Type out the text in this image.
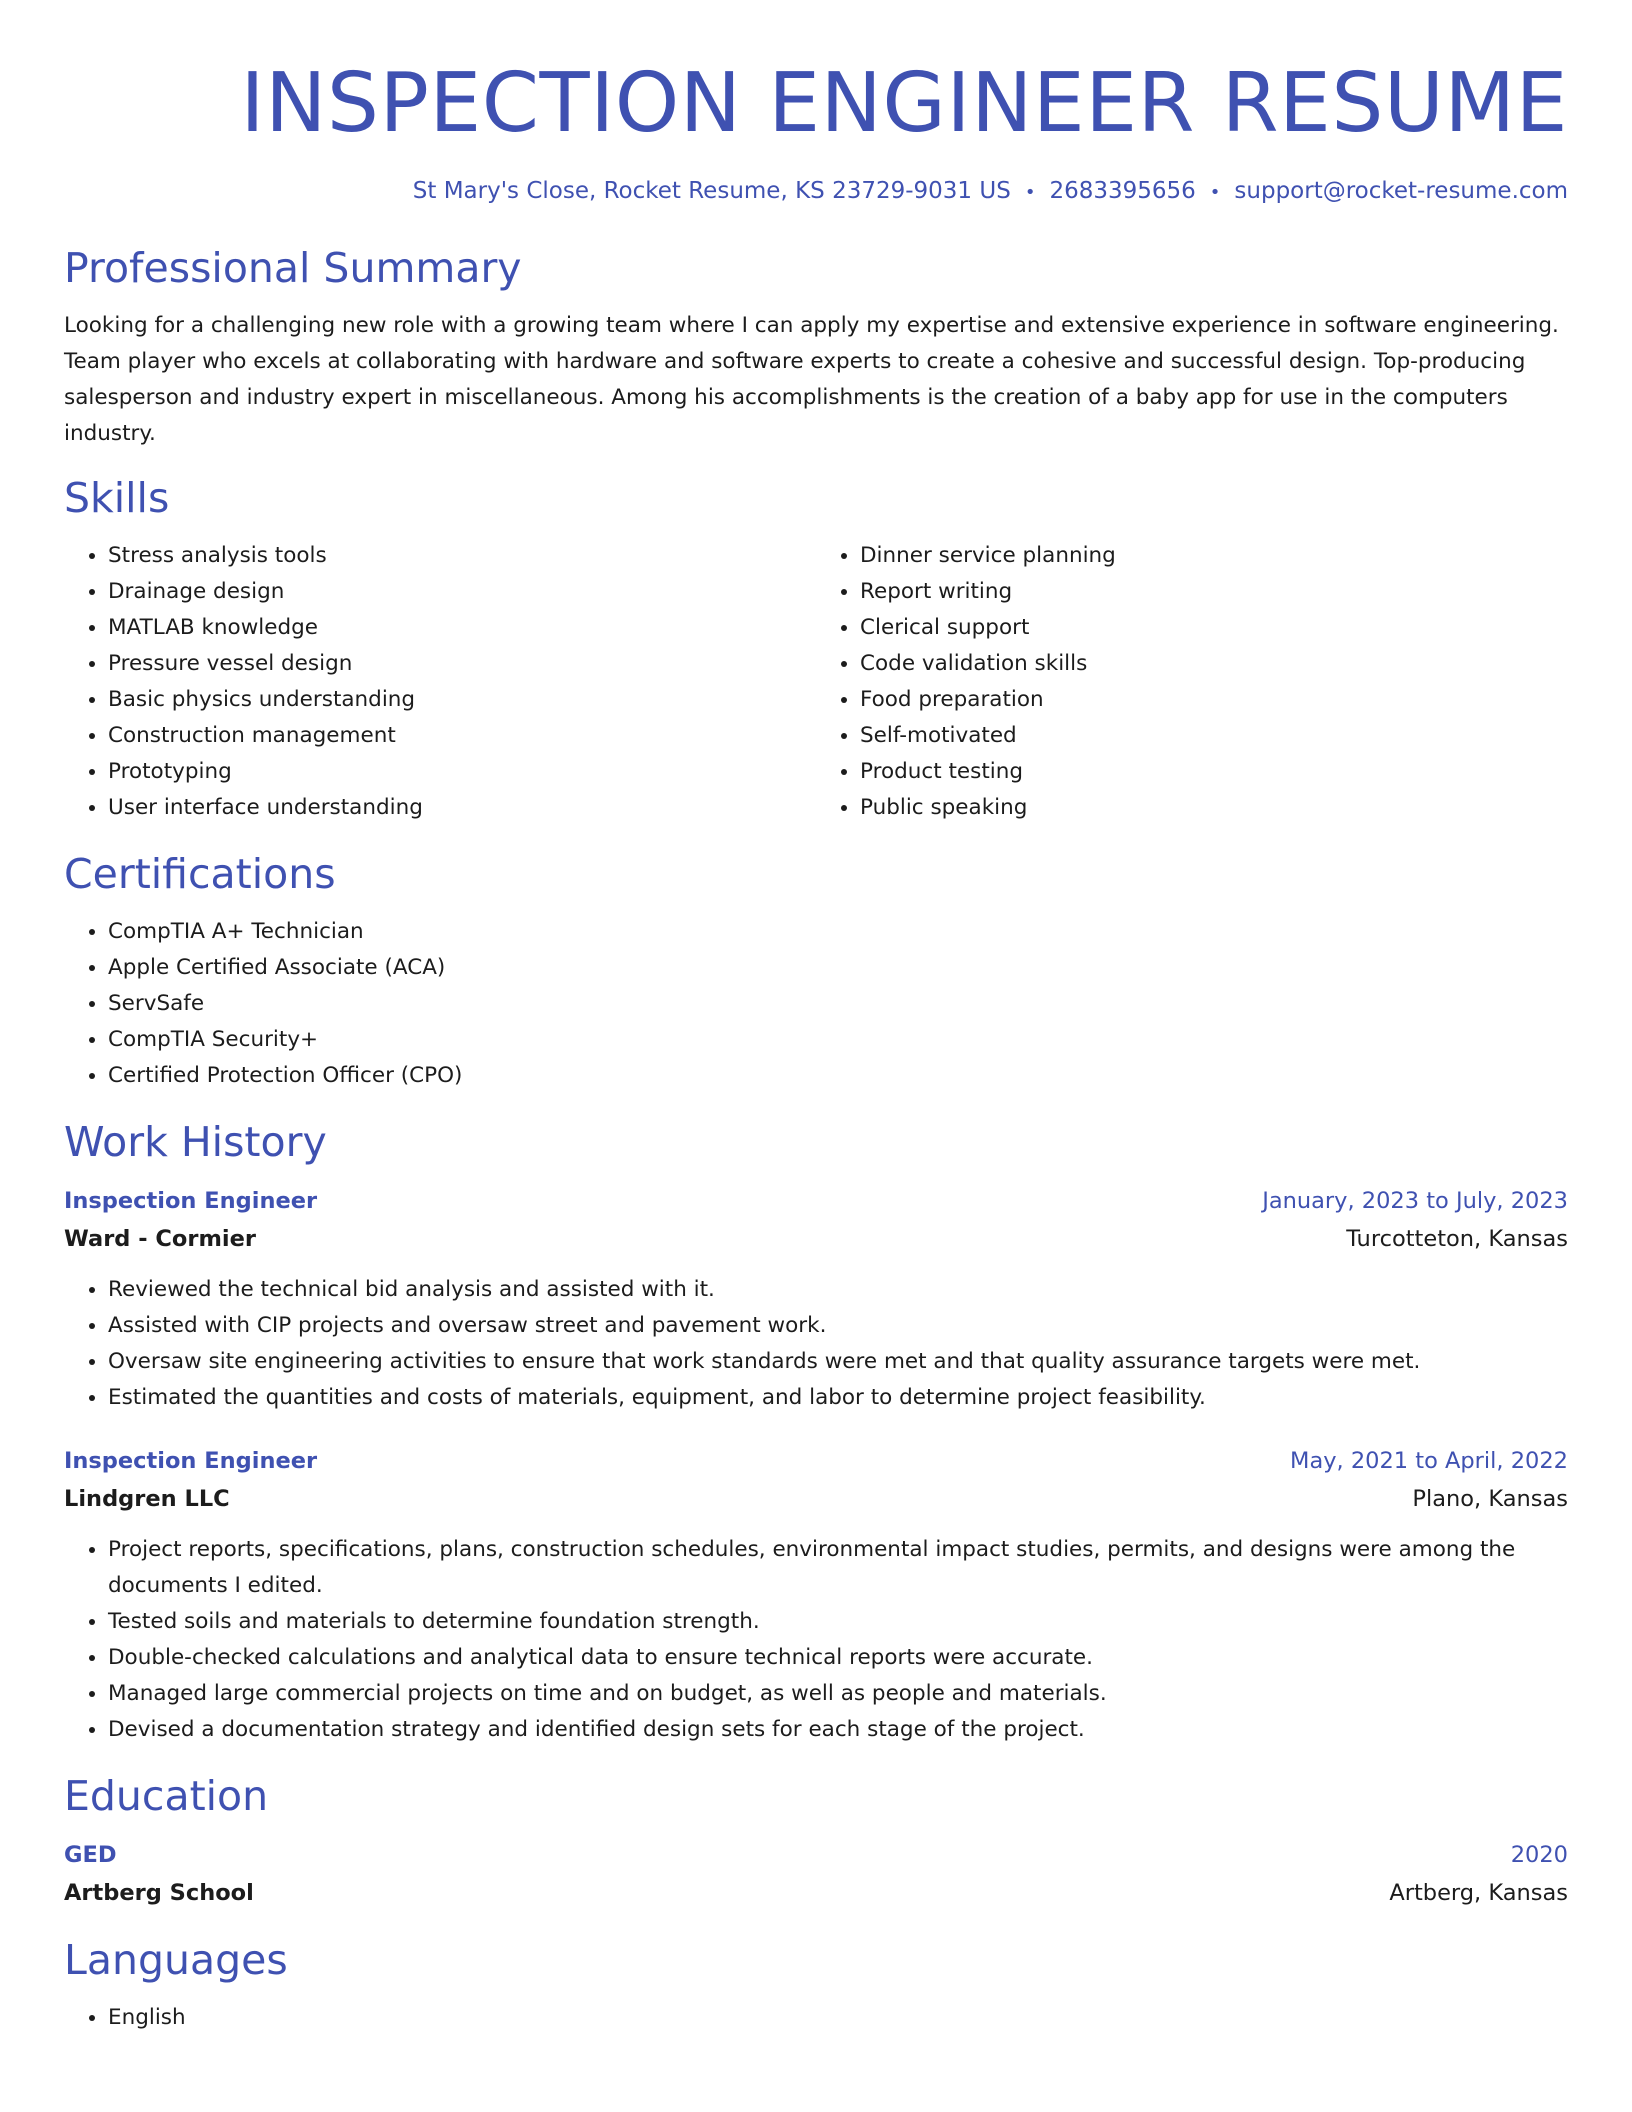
INSPECTION ENGINEER RESUME
St Mary's Close, Rocket Resume, KS 23729-9031 US • 2683395656 • support@rocket-resume.com
Professional Summary

Looking for a challenging new role with a growing team where I can apply my expertise and extensive experience in software engineering. Team player who excels at collaborating with hardware and software experts to create a cohesive and successful design. Top-producing salesperson and industry expert in miscellaneous. Among his accomplishments is the creation of a baby app for use in the computers industry.

Skills
• Stress analysis tools
• Drainage design
• MATLAB knowledge
• Pressure vessel design
• Basic physics understanding
• Construction management
• Prototyping
• User interface understanding
• Dinner service planning
• Report writing
• Clerical support
• Code validation skills
• Food preparation
• Self-motivated
• Product testing
• Public speaking
Certifications
• CompTIA A+ Technician
• Apple Certified Associate (ACA)
• ServSafe
• CompTIA Security+
• Certified Protection Officer (CPO)
Work History
Inspection Engineer	January, 2023 to July, 2023
Ward - Cormier	Turcotteton, Kansas
• Reviewed the technical bid analysis and assisted with it.
• Assisted with CIP projects and oversaw street and pavement work.
• Oversaw site engineering activities to ensure that work standards were met and that quality assurance targets were met.
• Estimated the quantities and costs of materials, equipment, and labor to determine project feasibility.
Inspection Engineer	May, 2021 to April, 2022
Lindgren LLC	Plano, Kansas
• Project reports, specifications, plans, construction schedules, environmental impact studies, permits, and designs were among the documents I edited.
• Tested soils and materials to determine foundation strength.
• Double-checked calculations and analytical data to ensure technical reports were accurate.
• Managed large commercial projects on time and on budget, as well as people and materials.
• Devised a documentation strategy and identified design sets for each stage of the project.
Education
GED	2020
Artberg School	Artberg, Kansas
Languages
• English
